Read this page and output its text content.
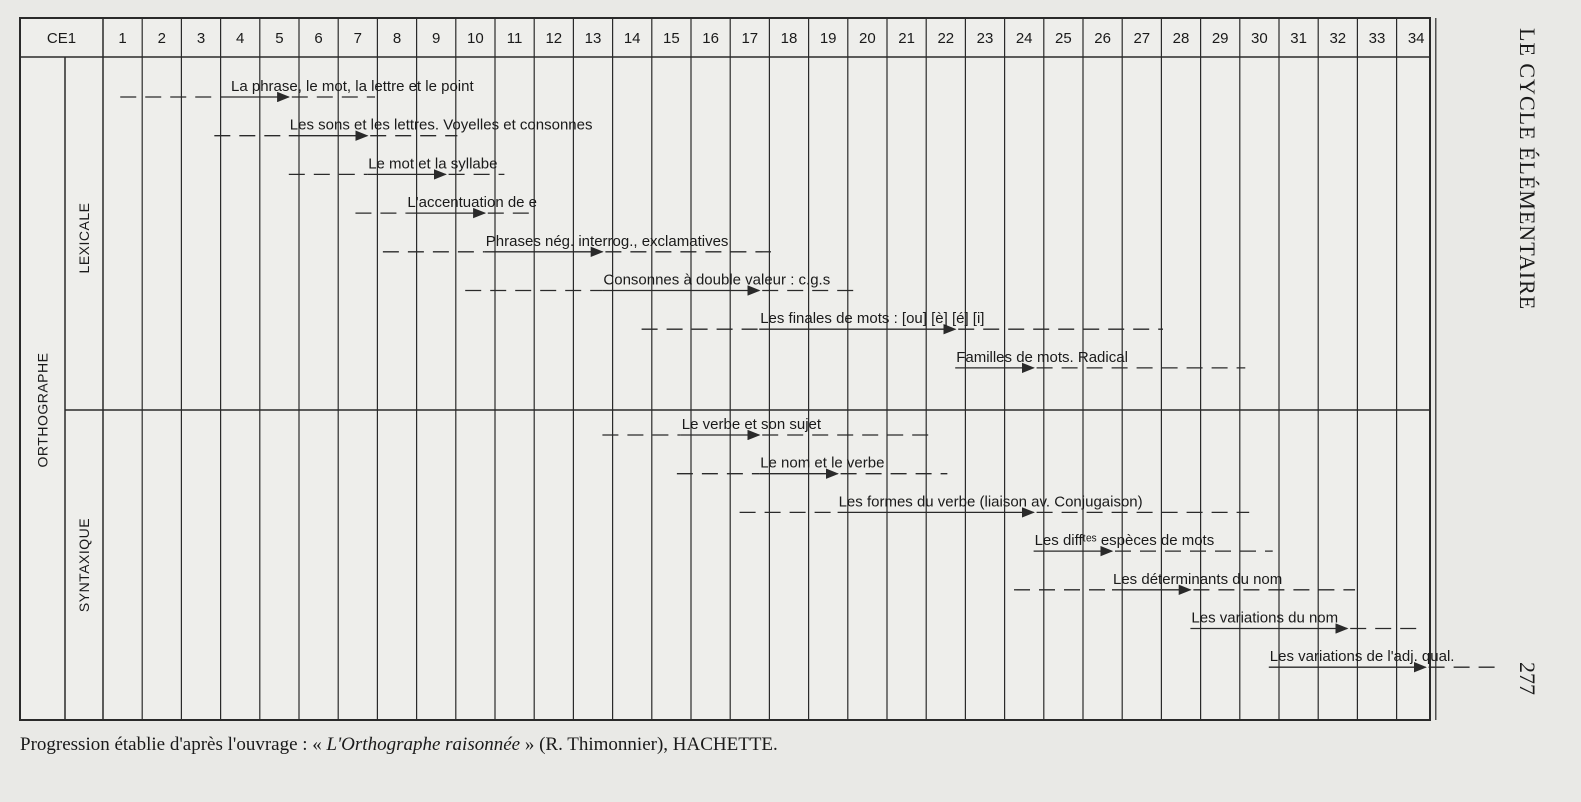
CE1	1 2 3 4 5 6 7 8 9 10 11 12 13 14 15 16 17 18 19 20 21 22 23 24 25 26 27 28 29 30 31 32 33 34
ORTHOGRAPHE
LEXICALE
SYNTAXIQUE
La phrase, le mot, la lettre et le point
Les sons et les lettres. Voyelles et consonnes
Le mot et la syllabe
L'accentuation de e
Phrases nég. interrog., exclamatives
Consonnes à double valeur : c.g.s
Les finales de mots : [ou] [è] [é] [i]
Familles de mots. Radical
Le verbe et son sujet
Le nom et le verbe
Les formes du verbe (liaison av. Conjugaison)
Les diffᵗᵉˢ espèces de mots
Les déterminants du nom
Les variations du nom
Les variations de l'adj. qual.
Progression établie d'après l'ouvrage : « L'Orthographe raisonnée » (R. Thimonnier), HACHETTE.
LE CYCLE ÉLÉMENTAIRE
277
